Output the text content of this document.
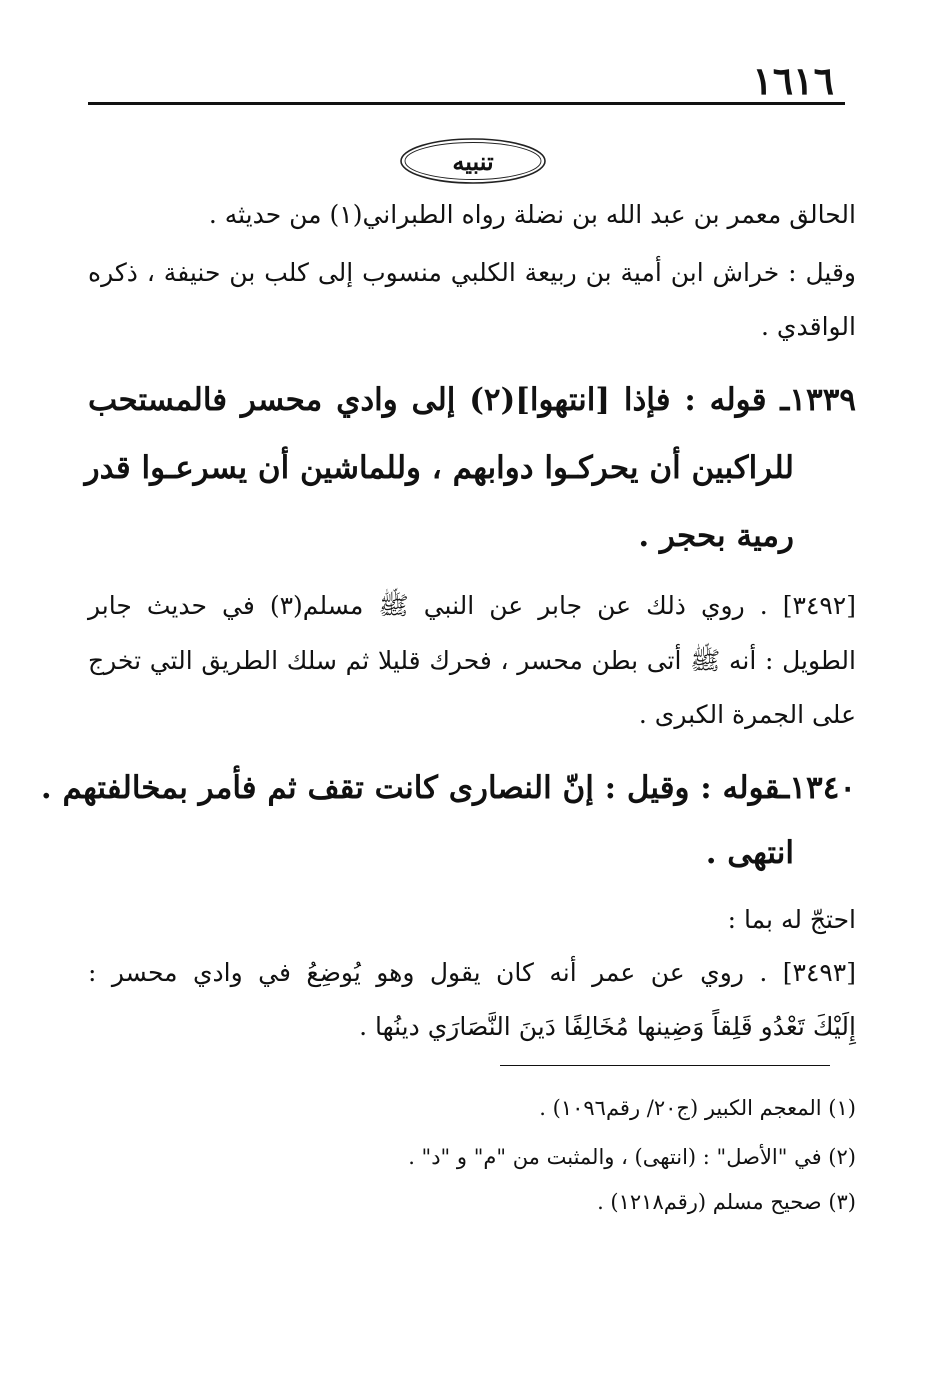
١٦١٦
تنبيه
الحالق معمر بن عبد الله بن نضلة رواه الطبراني(١) من حديثه .
وقيل : خراش ابن أمية بن ربيعة الكلبي منسوب إلى كلب بن حنيفة ، ذكره
الواقدي .
١٣٣٩ـ قوله : فإذا [انتهوا](٢) إلى وادي محسر فالمستحب
للراكبين أن يحركـوا دوابهم ، وللماشين أن يسرعـوا قدر
رمية بحجر .
[٣٤٩٢] . روي ذلك عن جابر عن النبي ﷺ مسلم(٣) في حديث جابر
الطويل : أنه ﷺ أتى بطن محسر ، فحرك قليلا ثم سلك الطريق التي تخرج
على الجمرة الكبرى .
١٣٤٠ـقوله : وقيل : إنّ النصارى كانت تقف ثم فأمر بمخالفتهم .
انتهى .
احتجّ له بما :
[٣٤٩٣] . روي عن عمر أنه كان يقول وهو يُوضِعُ في وادي محسر :
إِلَيْكَ تَعْدُو قَلِقاً وَضِينها مُخَالِفًا دَينَ النَّصَارَي دينُها .
(١) المعجم الكبير (ج٢٠/ رقم١٠٩٦) .
(٢) في "الأصل" : (انتهى) ، والمثبت من "م" و "د" .
(٣) صحيح مسلم (رقم١٢١٨) .
